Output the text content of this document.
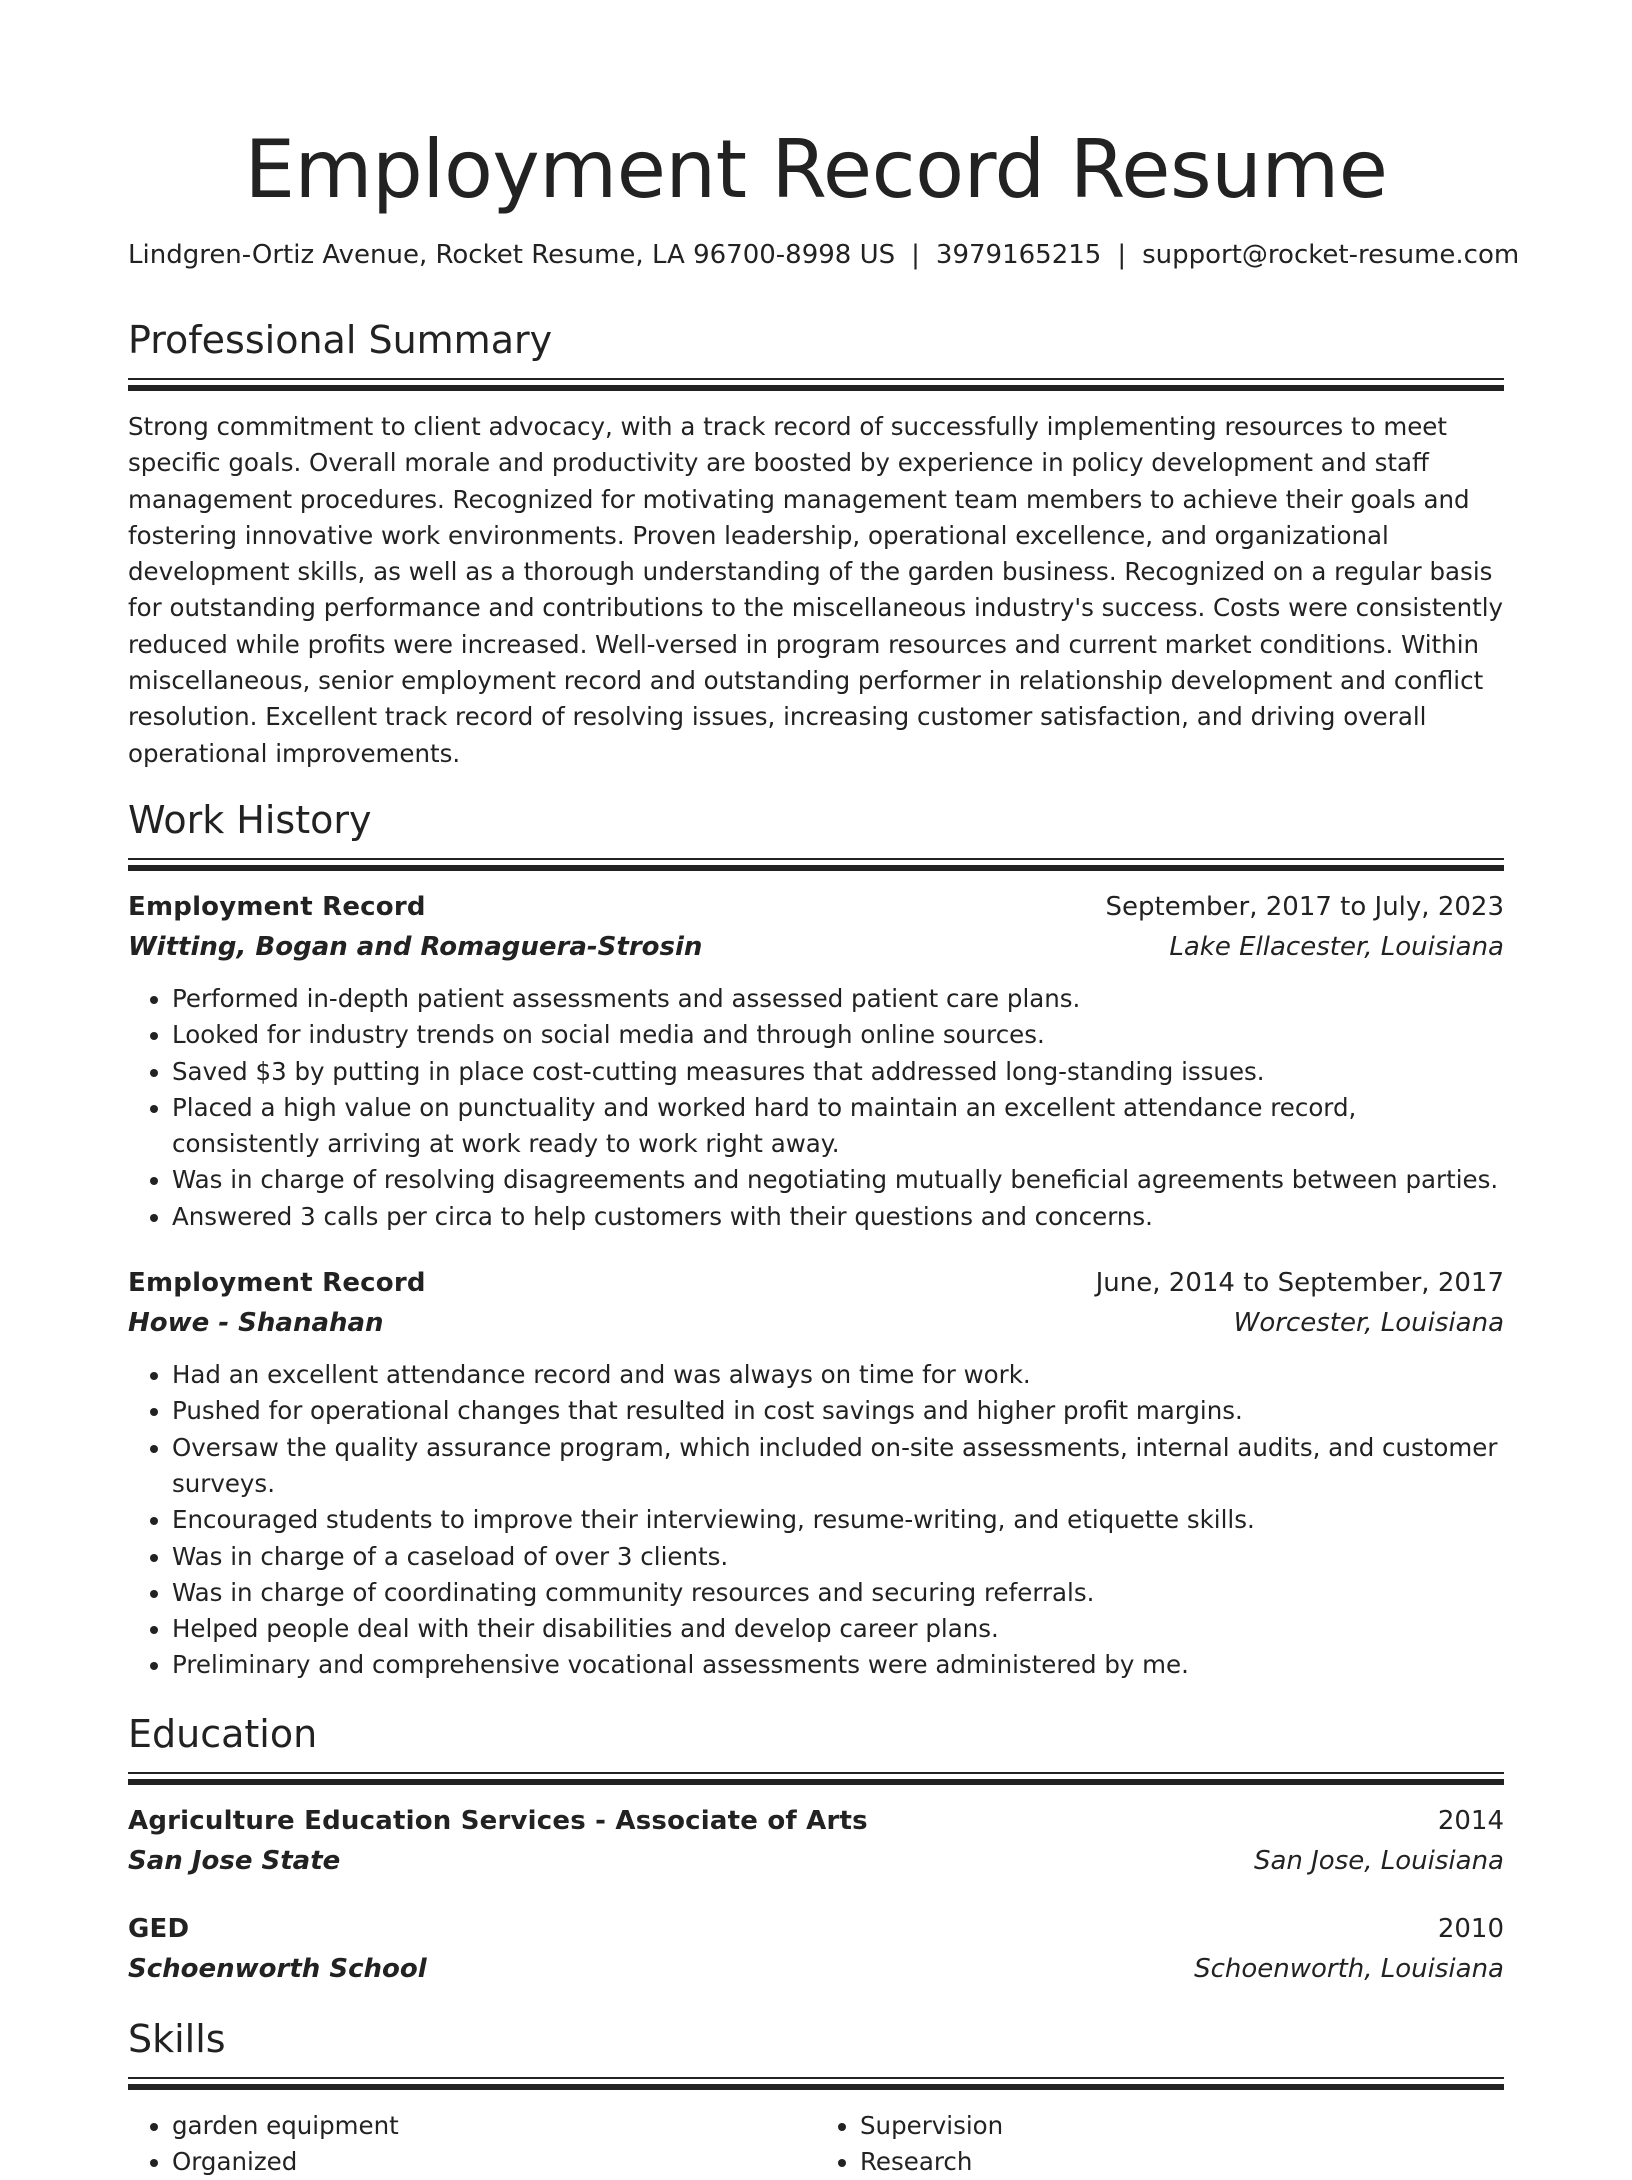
Employment Record Resume
Lindgren-Ortiz Avenue, Rocket Resume, LA 96700-8998 US | 3979165215 | support@rocket-resume.com
Professional Summary

Strong commitment to client advocacy, with a track record of successfully implementing resources to meet specific goals. Overall morale and productivity are boosted by experience in policy development and staff management procedures. Recognized for motivating management team members to achieve their goals and fostering innovative work environments. Proven leadership, operational excellence, and organizational development skills, as well as a thorough understanding of the garden business. Recognized on a regular basis for outstanding performance and contributions to the miscellaneous industry's success. Costs were consistently reduced while profits were increased. Well-versed in program resources and current market conditions. Within miscellaneous, senior employment record and outstanding performer in relationship development and conflict resolution. Excellent track record of resolving issues, increasing customer satisfaction, and driving overall operational improvements.

Work History
Employment Record	September, 2017 to July, 2023
Witting, Bogan and Romaguera-Strosin	Lake Ellacester, Louisiana
• Performed in-depth patient assessments and assessed patient care plans.
• Looked for industry trends on social media and through online sources.
• Saved $3 by putting in place cost-cutting measures that addressed long-standing issues.
• Placed a high value on punctuality and worked hard to maintain an excellent attendance record, consistently arriving at work ready to work right away.
• Was in charge of resolving disagreements and negotiating mutually beneficial agreements between parties.
• Answered 3 calls per circa to help customers with their questions and concerns.
Employment Record	June, 2014 to September, 2017
Howe - Shanahan	Worcester, Louisiana
• Had an excellent attendance record and was always on time for work.
• Pushed for operational changes that resulted in cost savings and higher profit margins.
• Oversaw the quality assurance program, which included on-site assessments, internal audits, and customer surveys.
• Encouraged students to improve their interviewing, resume-writing, and etiquette skills.
• Was in charge of a caseload of over 3 clients.
• Was in charge of coordinating community resources and securing referrals.
• Helped people deal with their disabilities and develop career plans.
• Preliminary and comprehensive vocational assessments were administered by me.
Education
Agriculture Education Services - Associate of Arts	2014
San Jose State	San Jose, Louisiana
GED	2010
Schoenworth School	Schoenworth, Louisiana
Skills
• garden equipment
• Organized
• Supervision
• Research
